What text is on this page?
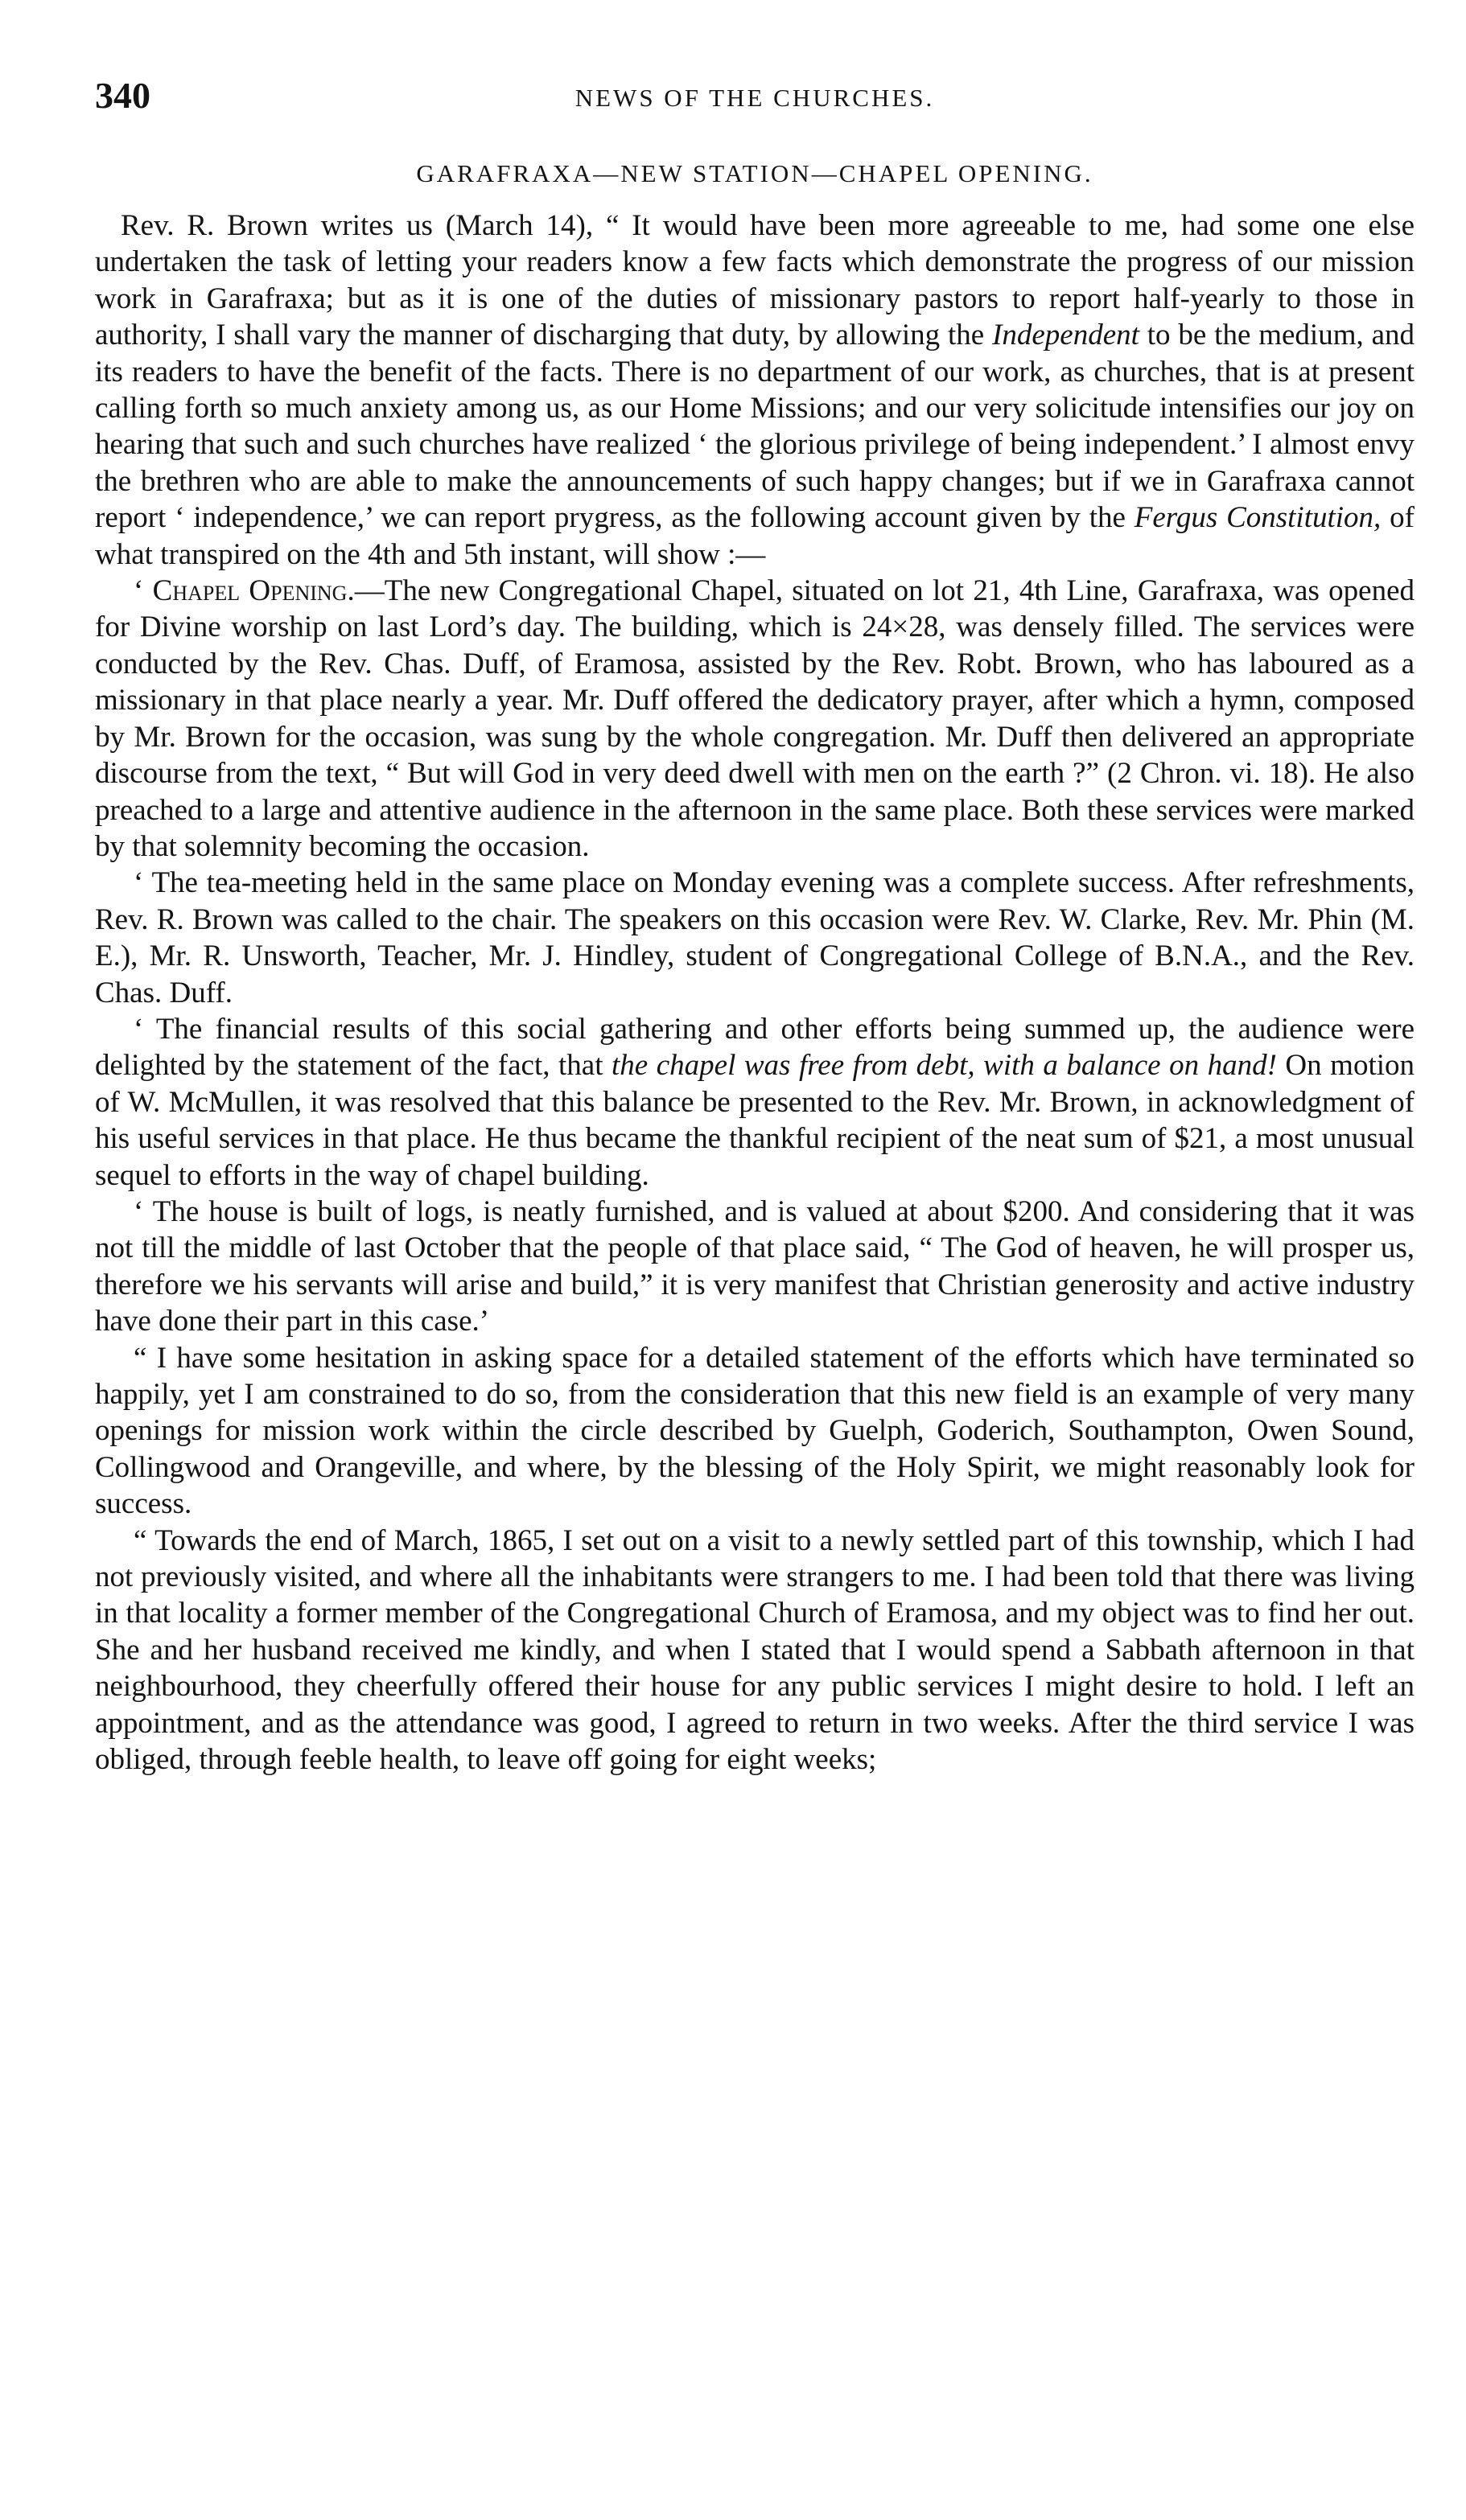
340	NEWS OF THE CHURCHES.
GARAFRAXA—NEW STATION—CHAPEL OPENING.

Rev. R. Brown writes us (March 14), “ It would have been more agreeable to me, had some one else undertaken the task of letting your readers know a few facts which demonstrate the progress of our mission work in Garafraxa; but as it is one of the duties of missionary pastors to report half-yearly to those in authority, I shall vary the manner of discharging that duty, by allowing the Independent to be the medium, and its readers to have the benefit of the facts. There is no department of our work, as churches, that is at present calling forth so much anxiety among us, as our Home Missions; and our very solicitude intensifies our joy on hearing that such and such churches have realized ‘ the glorious privilege of being independent.’ I almost envy the brethren who are able to make the announcements of such happy changes; but if we in Garafraxa cannot report ‘ independence,’ we can report prygress, as the following account given by the Fergus Constitution, of what transpired on the 4th and 5th instant, will show :—

‘ Chapel Opening.—The new Congregational Chapel, situated on lot 21, 4th Line, Garafraxa, was opened for Divine worship on last Lord’s day. The building, which is 24×28, was densely filled. The services were conducted by the Rev. Chas. Duff, of Eramosa, assisted by the Rev. Robt. Brown, who has laboured as a missionary in that place nearly a year. Mr. Duff offered the dedicatory prayer, after which a hymn, composed by Mr. Brown for the occasion, was sung by the whole congregation. Mr. Duff then delivered an appropriate discourse from the text, “ But will God in very deed dwell with men on the earth ?” (2 Chron. vi. 18). He also preached to a large and attentive audience in the afternoon in the same place. Both these services were marked by that solemnity becoming the occasion.

‘ The tea-meeting held in the same place on Monday evening was a complete success. After refreshments, Rev. R. Brown was called to the chair. The speakers on this occasion were Rev. W. Clarke, Rev. Mr. Phin (M. E.), Mr. R. Unsworth, Teacher, Mr. J. Hindley, student of Congregational College of B.N.A., and the Rev. Chas. Duff.

‘ The financial results of this social gathering and other efforts being summed up, the audience were delighted by the statement of the fact, that the chapel was free from debt, with a balance on hand! On motion of W. McMullen, it was resolved that this balance be presented to the Rev. Mr. Brown, in acknowledgment of his useful services in that place. He thus became the thankful recipient of the neat sum of $21, a most unusual sequel to efforts in the way of chapel building.

‘ The house is built of logs, is neatly furnished, and is valued at about $200. And considering that it was not till the middle of last October that the people of that place said, “ The God of heaven, he will prosper us, therefore we his servants will arise and build,” it is very manifest that Christian generosity and active industry have done their part in this case.’

“ I have some hesitation in asking space for a detailed statement of the efforts which have terminated so happily, yet I am constrained to do so, from the consideration that this new field is an example of very many openings for mission work within the circle described by Guelph, Goderich, Southampton, Owen Sound, Collingwood and Orangeville, and where, by the blessing of the Holy Spirit, we might reasonably look for success.

“ Towards the end of March, 1865, I set out on a visit to a newly settled part of this township, which I had not previously visited, and where all the inhabitants were strangers to me. I had been told that there was living in that locality a former member of the Congregational Church of Eramosa, and my object was to find her out. She and her husband received me kindly, and when I stated that I would spend a Sabbath afternoon in that neighbourhood, they cheerfully offered their house for any public services I might desire to hold. I left an appointment, and as the attendance was good, I agreed to return in two weeks. After the third service I was obliged, through feeble health, to leave off going for eight weeks;
